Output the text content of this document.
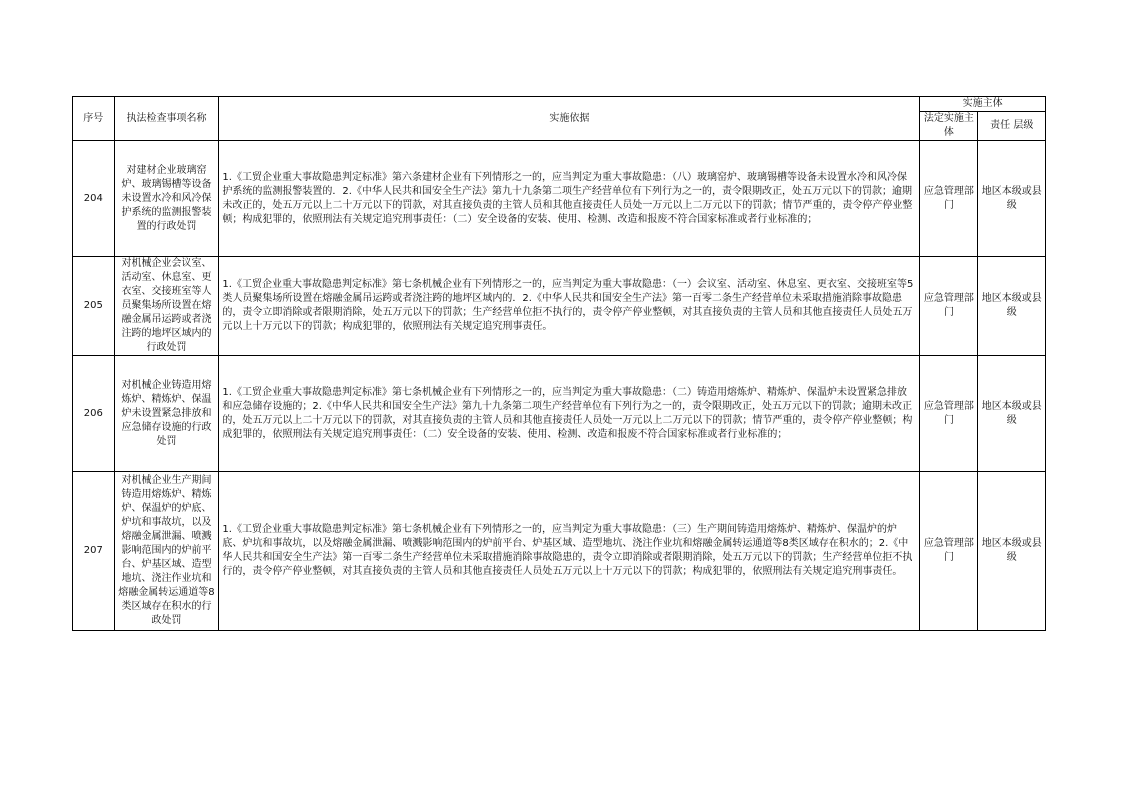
序号	执法检查事项名称	实施依据	实施主体	
			法定实施主体	责任 层级
204	对建材企业玻璃窑炉、玻璃锡槽等设备未设置水冷和风冷保护系统的监测报警装置的行政处罚	1.《工贸企业重大事故隐患判定标准》第六条建材企业有下列情形之一的，应当判定为重大事故隐患：（八）玻璃窑炉、玻璃锡槽等设备未设置水冷和风冷保护系统的监测报警装置的．2.《中华人民共和国安全生产法》第九十九条第二项生产经营单位有下列行为之一的，责令限期改正，处五万元以下的罚款；逾期未改正的，处五万元以上二十万元以下的罚款，对其直接负责的主管人员和其他直接责任人员处一万元以上二万元以下的罚款；情节严重的，责令停产停业整顿；构成犯罪的，依照刑法有关规定追究刑事责任：（二）安全设备的安装、使用、检测、改造和报废不符合国家标准或者行业标准的；	应急管理部门	地区本级或县级
205	对机械企业会议室、活动室、休息室、更衣室、交接班室等人员聚集场所设置在熔融金属吊运跨或者浇注跨的地坪区域内的行政处罚	1.《工贸企业重大事故隐患判定标准》第七条机械企业有下列情形之一的，应当判定为重大事故隐患：（一）会议室、活动室、休息室、更衣室、交接班室等5类人员聚集场所设置在熔融金属吊运跨或者浇注跨的地坪区域内的．2.《中华人民共和国安全生产法》第一百零二条生产经营单位未采取措施消除事故隐患的，责令立即消除或者限期消除，处五万元以下的罚款；生产经营单位拒不执行的，责令停产停业整顿，对其直接负责的主管人员和其他直接责任人员处五万元以上十万元以下的罚款；构成犯罪的，依照刑法有关规定追究刑事责任。	应急管理部门	地区本级或县级
206	对机械企业铸造用熔炼炉、精炼炉、保温炉未设置紧急排放和应急储存设施的行政处罚	1.《工贸企业重大事故隐患判定标准》第七条机械企业有下列情形之一的，应当判定为重大事故隐患：（二）铸造用熔炼炉、精炼炉、保温炉未设置紧急排放和应急储存设施的；2.《中华人民共和国安全生产法》第九十九条第二项生产经营单位有下列行为之一的，责令限期改正，处五万元以下的罚款；逾期未改正的，处五万元以上二十万元以下的罚款，对其直接负责的主管人员和其他直接责任人员处一万元以上二万元以下的罚款；情节严重的，责令停产停业整顿；构成犯罪的，依照刑法有关规定追究刑事责任：（二）安全设备的安装、使用、检测、改造和报废不符合国家标准或者行业标准的；	应急管理部门	地区本级或县级
207	对机械企业生产期间铸造用熔炼炉、精炼炉、保温炉的炉底、炉坑和事故坑，以及熔融金属泄漏、喷溅影响范围内的炉前平台、炉基区域、造型地坑、浇注作业坑和熔融金属转运通道等8类区域存在积水的行政处罚	1.《工贸企业重大事故隐患判定标准》第七条机械企业有下列情形之一的，应当判定为重大事故隐患：（三）生产期间铸造用熔炼炉、精炼炉、保温炉的炉底、炉坑和事故坑，以及熔融金属泄漏、喷溅影响范围内的炉前平台、炉基区域、造型地坑、浇注作业坑和熔融金属转运通道等8类区域存在积水的；2.《中华人民共和国安全生产法》第一百零二条生产经营单位未采取措施消除事故隐患的，责令立即消除或者限期消除，处五万元以下的罚款；生产经营单位拒不执行的，责令停产停业整顿，对其直接负责的主管人员和其他直接责任人员处五万元以上十万元以下的罚款；构成犯罪的，依照刑法有关规定追究刑事责任。	应急管理部门	地区本级或县级
